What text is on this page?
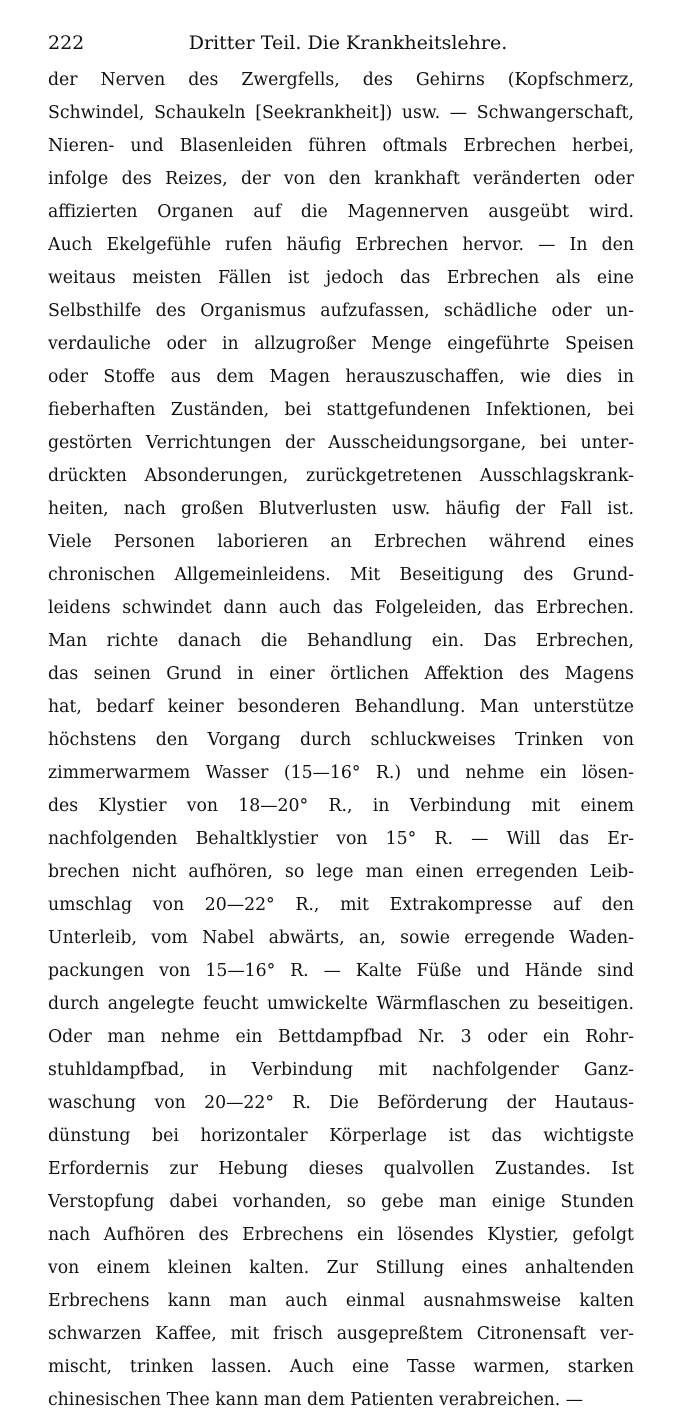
222	Dritter Teil. Die Krankheitslehre.
der Nerven des Zwergfells, des Gehirns (Kopfschmerz,
Schwindel, Schaukeln [Seekrankheit]) usw. — Schwangerschaft,
Nieren- und Blasenleiden führen oftmals Erbrechen herbei,
infolge des Reizes, der von den krankhaft veränderten oder
affizierten Organen auf die Magennerven ausgeübt wird.
Auch Ekelgefühle rufen häufig Erbrechen hervor. — In den
weitaus meisten Fällen ist jedoch das Erbrechen als eine
Selbsthilfe des Organismus aufzufassen, schädliche oder un-
verdauliche oder in allzugroßer Menge eingeführte Speisen
oder Stoffe aus dem Magen herauszuschaffen, wie dies in
fieberhaften Zuständen, bei stattgefundenen Infektionen, bei
gestörten Verrichtungen der Ausscheidungsorgane, bei unter-
drückten Absonderungen, zurückgetretenen Ausschlagskrank-
heiten, nach großen Blutverlusten usw. häufig der Fall ist.
Viele Personen laborieren an Erbrechen während eines
chronischen Allgemeinleidens. Mit Beseitigung des Grund-
leidens schwindet dann auch das Folgeleiden, das Erbrechen.
Man richte danach die Behandlung ein. Das Erbrechen,
das seinen Grund in einer örtlichen Affektion des Magens
hat, bedarf keiner besonderen Behandlung. Man unterstütze
höchstens den Vorgang durch schluckweises Trinken von
zimmerwarmem Wasser (15—16° R.) und nehme ein lösen-
des Klystier von 18—20° R., in Verbindung mit einem
nachfolgenden Behaltklystier von 15° R. — Will das Er-
brechen nicht aufhören, so lege man einen erregenden Leib-
umschlag von 20—22° R., mit Extrakompresse auf den
Unterleib, vom Nabel abwärts, an, sowie erregende Waden-
packungen von 15—16° R. — Kalte Füße und Hände sind
durch angelegte feucht umwickelte Wärmflaschen zu beseitigen.
Oder man nehme ein Bettdampfbad Nr. 3 oder ein Rohr-
stuhldampfbad, in Verbindung mit nachfolgender Ganz-
waschung von 20—22° R. Die Beförderung der Hautaus-
dünstung bei horizontaler Körperlage ist das wichtigste
Erfordernis zur Hebung dieses qualvollen Zustandes. Ist
Verstopfung dabei vorhanden, so gebe man einige Stunden
nach Aufhören des Erbrechens ein lösendes Klystier, gefolgt
von einem kleinen kalten. Zur Stillung eines anhaltenden
Erbrechens kann man auch einmal ausnahmsweise kalten
schwarzen Kaffee, mit frisch ausgepreßtem Citronensaft ver-
mischt, trinken lassen. Auch eine Tasse warmen, starken
chinesischen Thee kann man dem Patienten verabreichen. —
